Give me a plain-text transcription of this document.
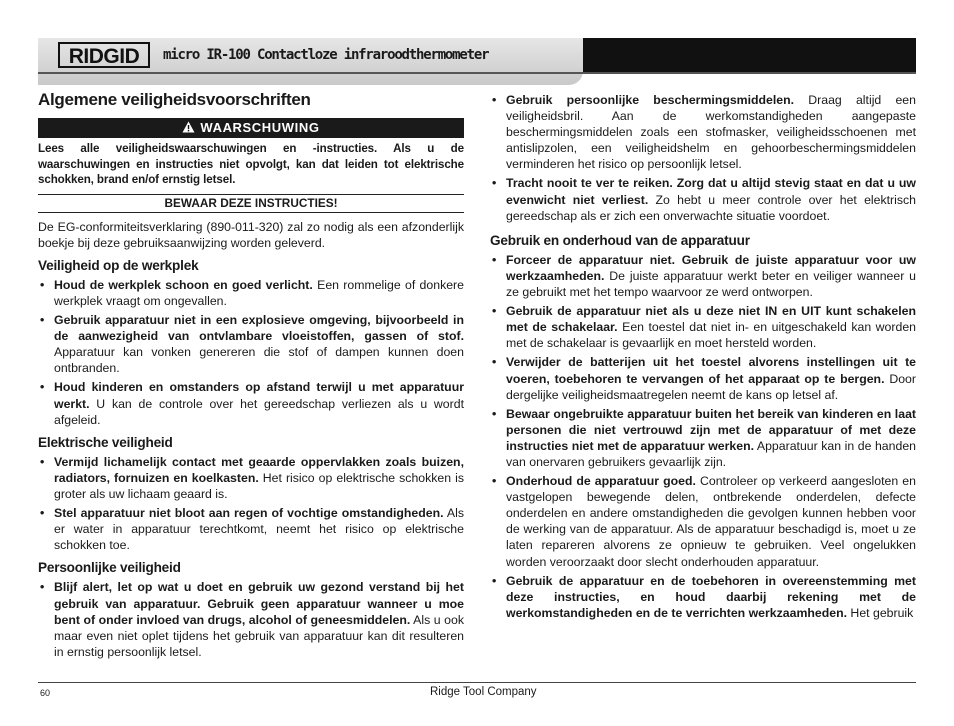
RIDGID micro IR-100 Contactloze infraroodthermometer
Algemene veiligheidsvoorschriften
WAARSCHUWING

Lees alle veiligheidswaarschuwingen en -instructies. Als u de waarschuwingen en instructies niet opvolgt, kan dat leiden tot elektrische schokken, brand en/of ernstig letsel.

BEWAAR DEZE INSTRUCTIES!

De EG-conformiteitsverklaring (890-011-320) zal zo nodig als een afzonderlijk boekje bij deze gebruiksaanwijzing worden geleverd.

Veiligheid op de werkplek
• Houd de werkplek schoon en goed verlicht. Een rommelige of donkere werkplek vraagt om ongevallen.
• Gebruik apparatuur niet in een explosieve omgeving, bijvoorbeeld in de aanwezigheid van ontvlambare vloeistoffen, gassen of stof. Apparatuur kan vonken genereren die stof of dampen kunnen doen ontbranden.
• Houd kinderen en omstanders op afstand terwijl u met apparatuur werkt. U kan de controle over het gereedschap verliezen als u wordt afgeleid.
Elektrische veiligheid
• Vermijd lichamelijk contact met geaarde oppervlakken zoals buizen, radiators, fornuizen en koelkasten. Het risico op elektrische schokken is groter als uw lichaam geaard is.
• Stel apparatuur niet bloot aan regen of vochtige omstandigheden. Als er water in apparatuur terechtkomt, neemt het risico op elektrische schokken toe.
Persoonlijke veiligheid
• Blijf alert, let op wat u doet en gebruik uw gezond verstand bij het gebruik van apparatuur. Gebruik geen apparatuur wanneer u moe bent of onder invloed van drugs, alcohol of geneesmiddelen. Als u ook maar even niet oplet tijdens het gebruik van apparatuur kan dit resulteren in ernstig persoonlijk letsel.
• Gebruik persoonlijke beschermingsmiddelen. Draag altijd een veiligheidsbril. Aan de werkomstandigheden aangepaste beschermingsmiddelen zoals een stofmasker, veiligheidsschoenen met antislipzolen, een veiligheidshelm en gehoorbeschermingsmiddelen verminderen het risico op persoonlijk letsel.
• Tracht nooit te ver te reiken. Zorg dat u altijd stevig staat en dat u uw evenwicht niet verliest. Zo hebt u meer controle over het elektrisch gereedschap als er zich een onverwachte situatie voordoet.
Gebruik en onderhoud van de apparatuur
• Forceer de apparatuur niet. Gebruik de juiste apparatuur voor uw werkzaamheden. De juiste apparatuur werkt beter en veiliger wanneer u ze gebruikt met het tempo waarvoor ze werd ontworpen.
• Gebruik de apparatuur niet als u deze niet IN en UIT kunt schakelen met de schakelaar. Een toestel dat niet in- en uitgeschakeld kan worden met de schakelaar is gevaarlijk en moet hersteld worden.
• Verwijder de batterijen uit het toestel alvorens instellingen uit te voeren, toebehoren te vervangen of het apparaat op te bergen. Door dergelijke veiligheidsmaatregelen neemt de kans op letsel af.
• Bewaar ongebruikte apparatuur buiten het bereik van kinderen en laat personen die niet vertrouwd zijn met de apparatuur of met deze instructies niet met de apparatuur werken. Apparatuur kan in de handen van onervaren gebruikers gevaarlijk zijn.
• Onderhoud de apparatuur goed. Controleer op verkeerd aangesloten en vastgelopen bewegende delen, ontbrekende onderdelen, defecte onderdelen en andere omstandigheden die gevolgen kunnen hebben voor de werking van de apparatuur. Als de apparatuur beschadigd is, moet u ze laten repareren alvorens ze opnieuw te gebruiken. Veel ongelukken worden veroorzaakt door slecht onderhouden apparatuur.
• Gebruik de apparatuur en de toebehoren in overeenstemming met deze instructies, en houd daarbij rekening met de werkomstandigheden en de te verrichten werkzaamheden. Het gebruik
60	Ridge Tool Company
